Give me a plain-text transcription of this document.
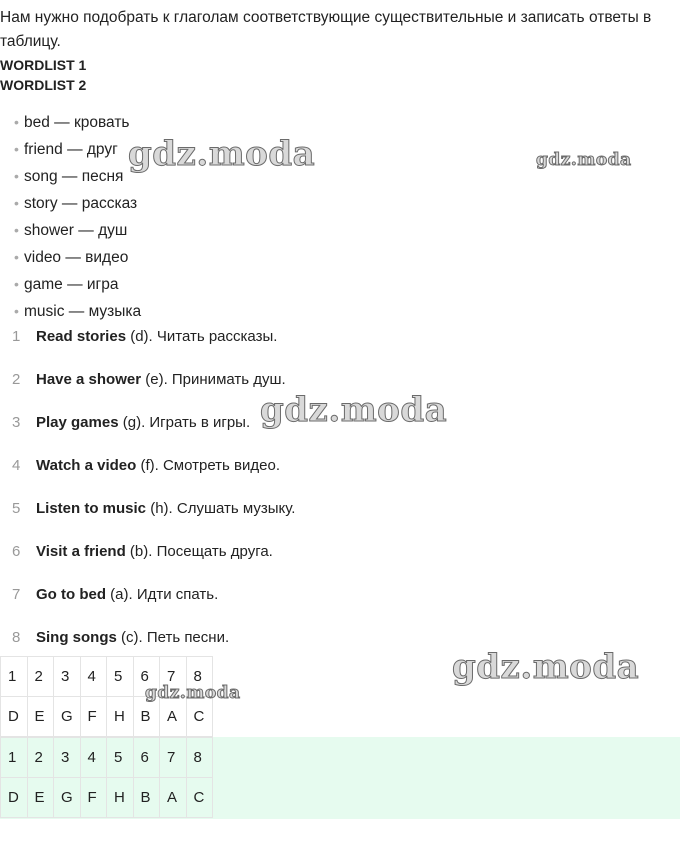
Нам нужно подобрать к глаголам соответствующие существительные и записать ответы в таблицу.
WORDLIST 1
WORDLIST 2
• bed — кровать
• friend — друг
• song — песня
• story — рассказ
• shower — душ
• video — видео
• game — игра
• music — музыка
1 Read stories (d). Читать рассказы.
2 Have a shower (e). Принимать душ.
3 Play games (g). Играть в игры.
4 Watch a video (f). Смотреть видео.
5 Listen to music (h). Слушать музыку.
6 Visit a friend (b). Посещать друга.
7 Go to bed (a). Идти спать.
8 Sing songs (c). Петь песни.
1	2	3	4	5	6	7	8
D	E	G	F	H	B	A	C
1	2	3	4	5	6	7	8
D	E	G	F	H	B	A	C
gdz.moda	gdz.moda
gdz.moda
gdz.moda
gdz.moda
